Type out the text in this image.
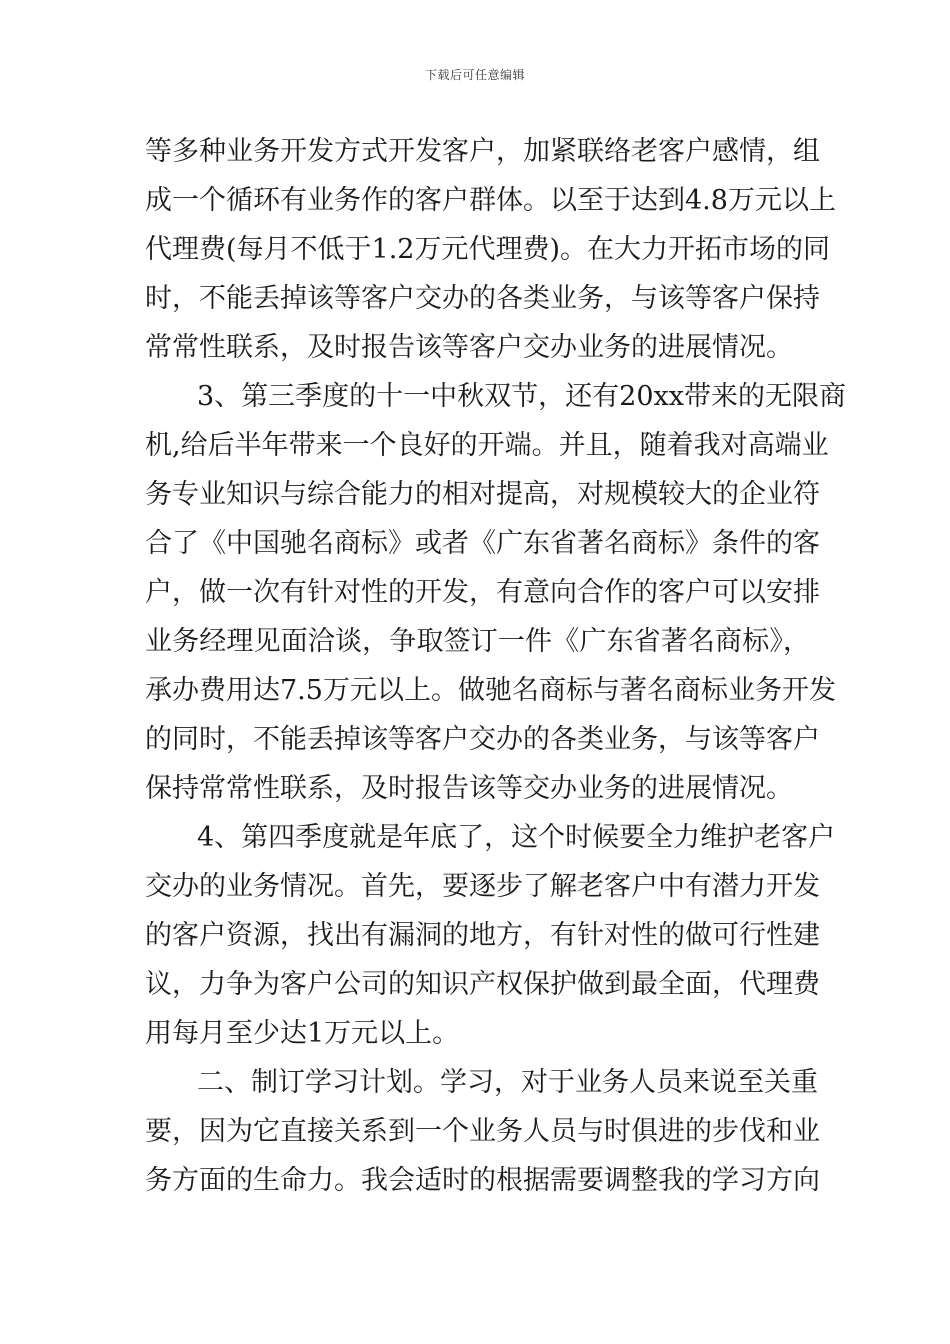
下载后可任意编辑
等多种业务开发方式开发客户，加紧联络老客户感情，组
成一个循环有业务作的客户群体。以至于达到4.8万元以上
代理费(每月不低于1.2万元代理费)。在大力开拓市场的同
时，不能丢掉该等客户交办的各类业务，与该等客户保持
常常性联系，及时报告该等客户交办业务的进展情况。
3、第三季度的十一中秋双节，还有20xx带来的无限商
机,给后半年带来一个良好的开端。并且，随着我对高端业
务专业知识与综合能力的相对提高，对规模较大的企业符
合了《中国驰名商标》或者《广东省著名商标》条件的客
户，做一次有针对性的开发，有意向合作的客户可以安排
业务经理见面洽谈，争取签订一件《广东省著名商标》，
承办费用达7.5万元以上。做驰名商标与著名商标业务开发
的同时，不能丢掉该等客户交办的各类业务，与该等客户
保持常常性联系，及时报告该等交办业务的进展情况。
4、第四季度就是年底了，这个时候要全力维护老客户
交办的业务情况。首先，要逐步了解老客户中有潜力开发
的客户资源，找出有漏洞的地方，有针对性的做可行性建
议，力争为客户公司的知识产权保护做到最全面，代理费
用每月至少达1万元以上。
二、制订学习计划。学习，对于业务人员来说至关重
要，因为它直接关系到一个业务人员与时俱进的步伐和业
务方面的生命力。我会适时的根据需要调整我的学习方向
